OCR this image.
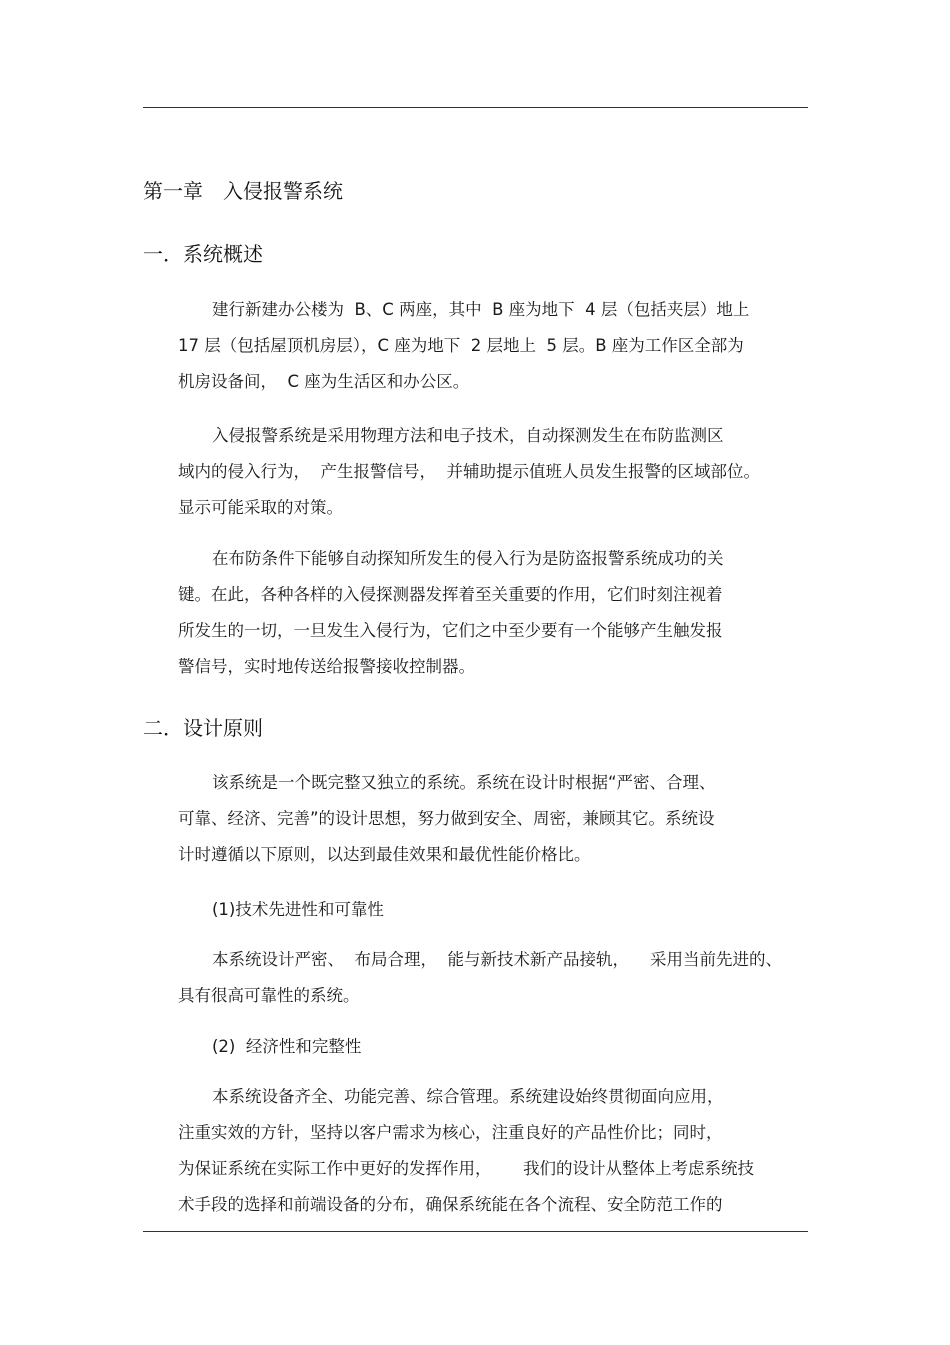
第一章　入侵报警系统
一．系统概述
建行新建办公楼为  B、C 两座，其中  B 座为地下  4 层（包括夹层）地上
17 层（包括屋顶机房层），C 座为地下  2 层地上  5 层。B 座为工作区全部为
机房设备间，  C 座为生活区和办公区。
入侵报警系统是采用物理方法和电子技术，自动探测发生在布防监测区
域内的侵入行为，  产生报警信号，  并辅助提示值班人员发生报警的区域部位。
显示可能采取的对策。
在布防条件下能够自动探知所发生的侵入行为是防盗报警系统成功的关
键。在此，各种各样的入侵探测器发挥着至关重要的作用，它们时刻注视着
所发生的一切，一旦发生入侵行为，它们之中至少要有一个能够产生触发报
警信号，实时地传送给报警接收控制器。
二．设计原则
该系统是一个既完整又独立的系统。系统在设计时根据“严密、合理、
可靠、经济、完善”的设计思想，努力做到安全、周密，兼顾其它。系统设
计时遵循以下原则，以达到最佳效果和最优性能价格比。
(1)技术先进性和可靠性
本系统设计严密、  布局合理，  能与新技术新产品接轨，    采用当前先进的、
具有很高可靠性的系统。
(2)  经济性和完整性
本系统设备齐全、功能完善、综合管理。系统建设始终贯彻面向应用，
注重实效的方针，坚持以客户需求为核心，注重良好的产品性价比；同时，
为保证系统在实际工作中更好的发挥作用，      我们的设计从整体上考虑系统技
术手段的选择和前端设备的分布，确保系统能在各个流程、安全防范工作的
